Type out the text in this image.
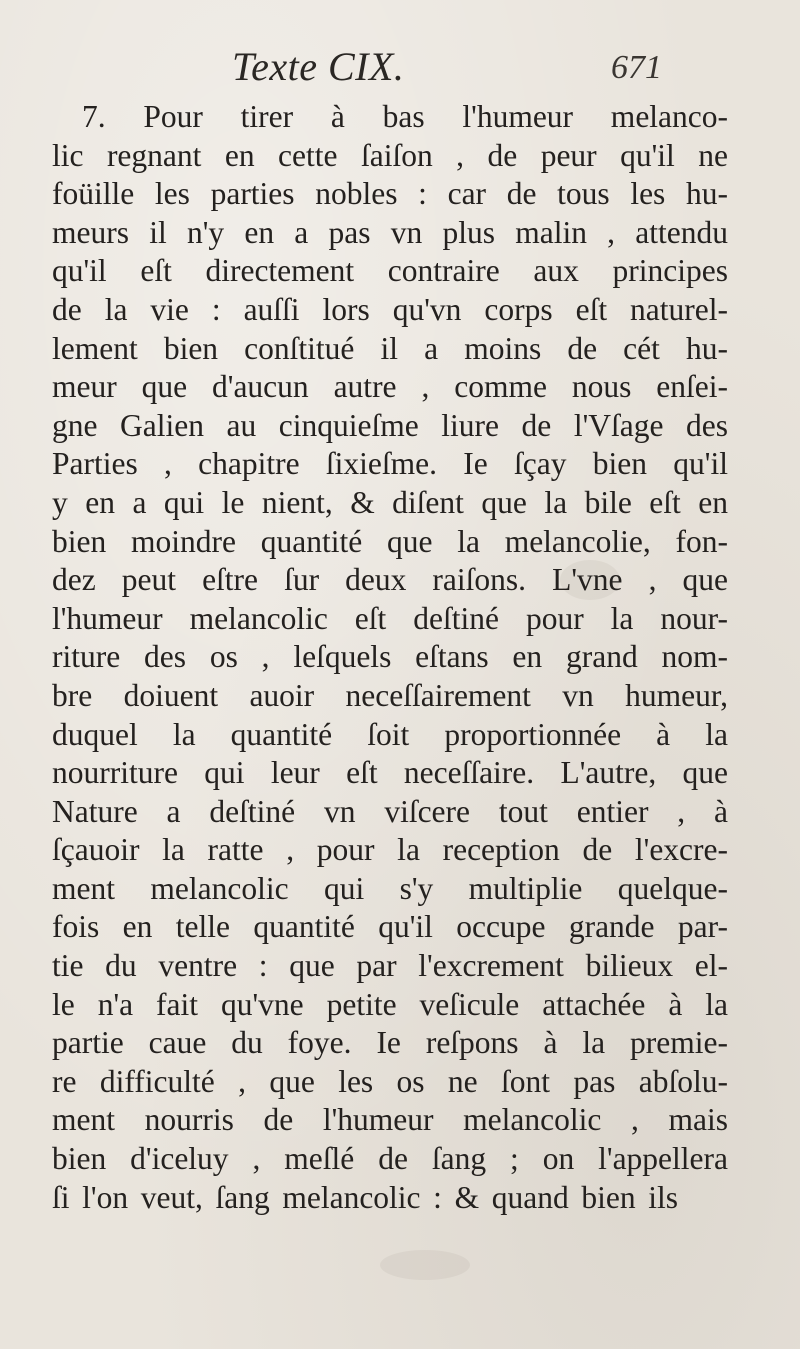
Texte CIX.	671
7. Pour tirer à bas l'humeur melanco-
lic regnant en cette ſaiſon , de peur qu'il ne
foüille les parties nobles : car de tous les hu-
meurs il n'y en a pas vn plus malin , attendu
qu'il eſt directement contraire aux principes
de la vie : auſſi lors qu'vn corps eſt naturel-
lement bien conſtitué il a moins de cét hu-
meur que d'aucun autre , comme nous enſei-
gne Galien au cinquieſme liure de l'Vſage des
Parties , chapitre ſixieſme. Ie ſçay bien qu'il
y en a qui le nient, & diſent que la bile eſt en
bien moindre quantité que la melancolie, fon-
dez peut eſtre ſur deux raiſons. L'vne , que
l'humeur melancolic eſt deſtiné pour la nour-
riture des os , leſquels eſtans en grand nom-
bre doiuent auoir neceſſairement vn humeur,
duquel la quantité ſoit proportionnée à la
nourriture qui leur eſt neceſſaire. L'autre, que
Nature a deſtiné vn viſcere tout entier , à
ſçauoir la ratte , pour la reception de l'excre-
ment melancolic qui s'y multiplie quelque-
fois en telle quantité qu'il occupe grande par-
tie du ventre : que par l'excrement bilieux el-
le n'a fait qu'vne petite veſicule attachée à la
partie caue du foye. Ie reſpons à la premie-
re difficulté , que les os ne ſont pas abſolu-
ment nourris de l'humeur melancolic , mais
bien d'iceluy , meſlé de ſang ; on l'appellera
ſi l'on veut, ſang melancolic : & quand bien ils
